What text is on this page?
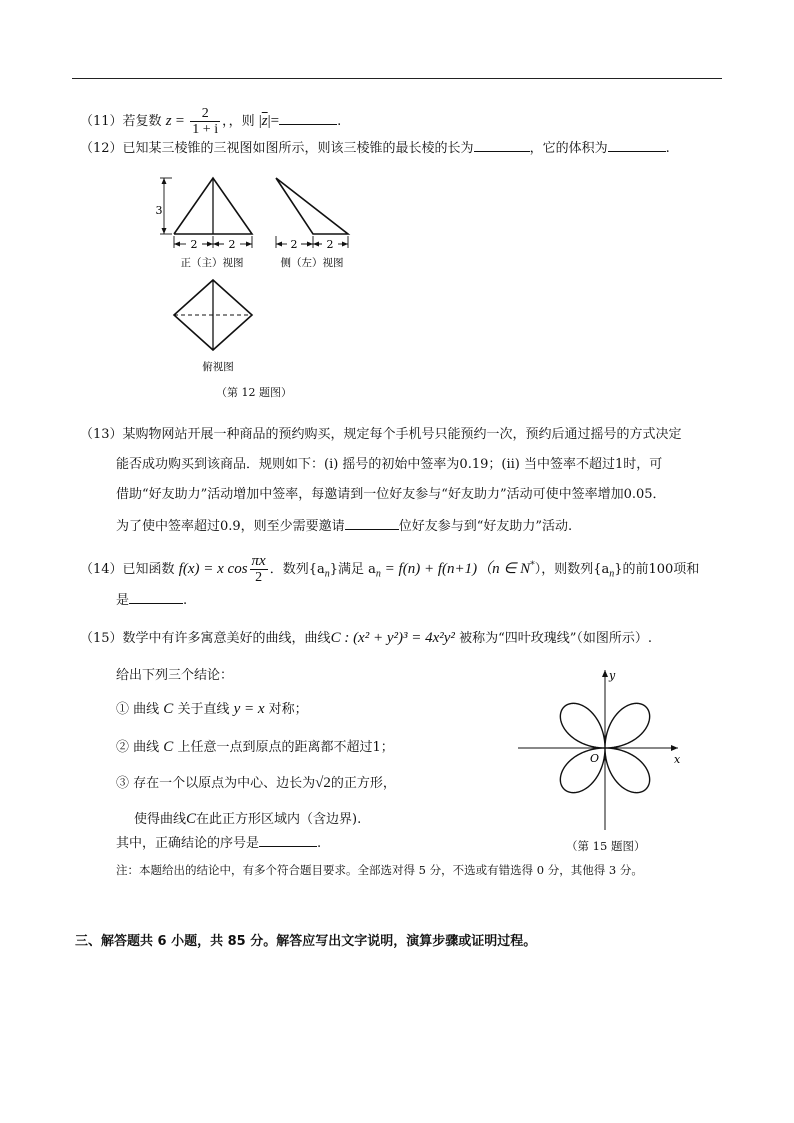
（11）若复数 $z = \frac{2}{1 + i}$ ，，则 $|\overline{z}|=$	.
（12）已知某三棱锥的三视图如图所示，则该三棱锥的最长棱的长为	，它的体积为	.
3
2	2
正（主）视图
2	2
侧（左）视图
俯视图
（第 12 题图）
（13）某购物网站开展一种商品的预约购买，规定每个手机号只能预约一次，预约后通过摇号的方式决定
能否成功购买到该商品．规则如下：(ⅰ) 摇号的初始中签率为0.19；(ⅱ) 当中签率不超过1时，可
借助“好友助力”活动增加中签率，每邀请到一位好友参与“好友助力”活动可使中签率增加0.05．
为了使中签率超过0.9，则至少需要邀请	位好友参与到“好友助力”活动.
（14）已知函数 f(x) = x $\cos \frac{\pi x}{2}$ ．数列$\{a_n\}$满足 $a_n = f(n) + f(n+1)(n$ ∈ N*），则数列$\{a_n\}$的前100项和
是	.
（15）数学中有许多寓意美好的曲线，曲线C : (x² + y²)³ = 4x²y² 被称为“四叶玫瑰线”（如图所示）.
给出下列三个结论：
① 曲线 C 关于直线 y = x 对称；
② 曲线 C 上任意一点到原点的距离都不超过1；
③ 存在一个以原点为中心、边长为√2的正方形，
使得曲线C在此正方形区域内（含边界).
其中，正确结论的序号是	.
y
x
O
（第 15 题图）
注：本题给出的结论中，有多个符合题目要求。全部选对得 5 分，不选或有错选得 0 分，其他得 3 分。
三、解答题共 6 小题，共 85 分。解答应写出文字说明，演算步骤或证明过程。
